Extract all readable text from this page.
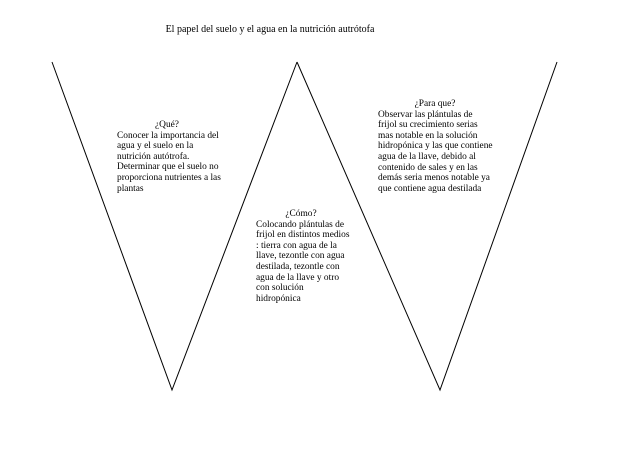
El papel del suelo y el agua en la nutrición autrótofa
¿Qué?
Conocer la importancia del
agua y el suelo en la
nutrición autótrofa.
Determinar que el suelo no
proporciona nutrientes a las
plantas
¿Cómo?
Colocando plántulas de
frijol en distintos medios
: tierra con agua de la
llave, tezontle con agua
destilada, tezontle con
agua de la llave y otro
con solución
hidropónica
¿Para que?
Observar las plántulas de
frijol su crecimiento serias
mas notable en la solución
hidropónica y las que contiene
agua de la llave, debido al
contenido de sales y en las
demás seria menos notable ya
que contiene agua destilada
